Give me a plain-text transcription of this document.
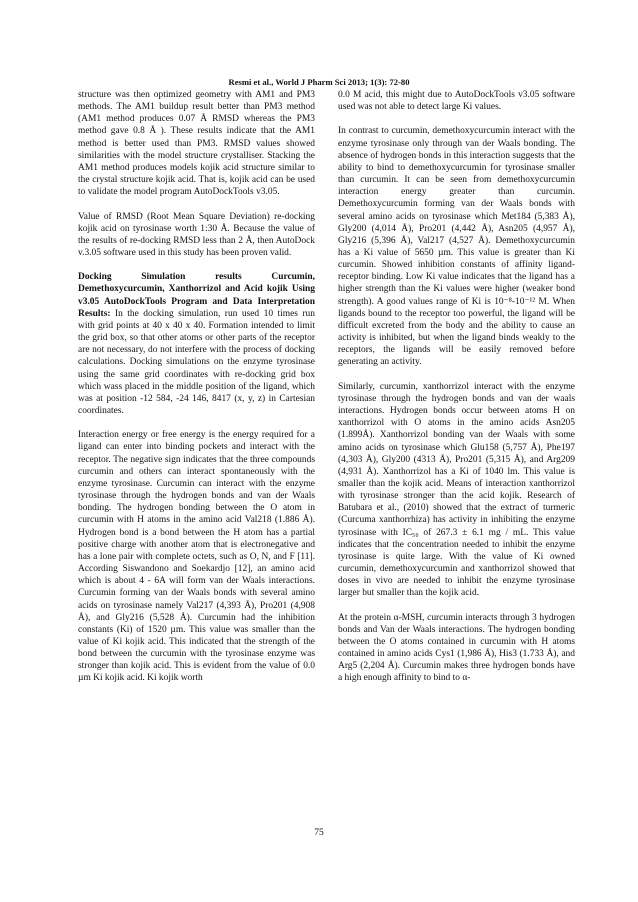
Resmi et al., World J Pharm Sci 2013; 1(3): 72-80

structure was then optimized geometry with AM1 and PM3 methods. The AM1 buildup result better than PM3 method (AM1 method produces 0.07 Å RMSD whereas the PM3 method gave 0.8 Å ). These results indicate that the AM1 method is better used than PM3. RMSD values showed similarities with the model structure crystalliser. Stacking the AM1 method produces models kojik acid structure similar to the crystal structure kojik acid. That is, kojik acid can be used to validate the model program AutoDockTools v3.05.

Value of RMSD (Root Mean Square Deviation) re-docking kojik acid on tyrosinase worth 1:30 Å. Because the value of the results of re-docking RMSD less than 2 Å, then AutoDock v.3.05 software used in this study has been proven valid.

Docking Simulation results Curcumin, Demethoxycurcumin, Xanthorrizol and Acid kojik Using v3.05 AutoDockTools Program and Data Interpretation Results: In the docking simulation, run used 10 times run with grid points at 40 x 40 x 40. Formation intended to limit the grid box, so that other atoms or other parts of the receptor are not necessary, do not interfere with the process of docking calculations. Docking simulations on the enzyme tyrosinase using the same grid coordinates with re-docking grid box which wass placed in the middle position of the ligand, which was at position -12 584, -24 146, 8417 (x, y, z) in Cartesian coordinates.

Interaction energy or free energy is the energy required for a ligand can enter into binding pockets and interact with the receptor. The negative sign indicates that the three compounds curcumin and others can interact spontaneously with the enzyme tyrosinase. Curcumin can interact with the enzyme tyrosinase through the hydrogen bonds and van der Waals bonding. The hydrogen bonding between the O atom in curcumin with H atoms in the amino acid Val218 (1.886 Å). Hydrogen bond is a bond between the H atom has a partial positive charge with another atom that is electronegative and has a lone pair with complete octets, such as O, N, and F [11]. According Siswandono and Soekardjo [12], an amino acid which is about 4 - 6A will form van der Waals interactions. Curcumin forming van der Waals bonds with several amino acids on tyrosinase namely Val217 (4,393 Å), Pro201 (4,908 Å), and Gly216 (5,528 Å). Curcumin had the inhibition constants (Ki) of 1520 µm. This value was smaller than the value of Ki kojik acid. This indicated that the strength of the bond between the curcumin with the tyrosinase enzyme was stronger than kojik acid. This is evident from the value of 0.0 µm Ki kojik acid. Ki kojik worth

0.0 M acid, this might due to AutoDockTools v3.05 software used was not able to detect large Ki values.

In contrast to curcumin, demethoxycurcumin interact with the enzyme tyrosinase only through van der Waals bonding. The absence of hydrogen bonds in this interaction suggests that the ability to bind to demethoxycurcumin for tyrosinase smaller than curcumin. It can be seen from demethoxycurcumin interaction energy greater than curcumin. Demethoxycurcumin forming van der Waals bonds with several amino acids on tyrosinase which Met184 (5,383 Å), Gly200 (4,014 Å), Pro201 (4,442 Å), Asn205 (4,957 Å), Gly216 (5,396 Å), Val217 (4,527 Å). Demethoxycurcumin has a Ki value of 5650 µm. This value is greater than Ki curcumin. Showed inhibition constants of affinity ligand-receptor binding. Low Ki value indicates that the ligand has a higher strength than the Ki values were higher (weaker bond strength). A good values range of Ki is 10⁻⁸-10⁻¹² M. When ligands bound to the receptor too powerful, the ligand will be difficult excreted from the body and the ability to cause an activity is inhibited, but when the ligand binds weakly to the receptors, the ligands will be easily removed before generating an activity.

Similarly, curcumin, xanthorrizol interact with the enzyme tyrosinase through the hydrogen bonds and van der waals interactions. Hydrogen bonds occur between atoms H on xanthorrizol with O atoms in the amino acids Asn205 (1.899Å). Xanthorrizol bonding van der Waals with some amino acids on tyrosinase which Glu158 (5,757 Å), Phe197 (4,303 Å), Gly200 (4313 Å), Pro201 (5,315 Å), and Arg209 (4,931 Å). Xanthorrizol has a Ki of 1040 lm. This value is smaller than the kojik acid. Means of interaction xanthorrizol with tyrosinase stronger than the acid kojik. Research of Batubara et al., (2010) showed that the extract of turmeric (Curcuma xanthorrhiza) has activity in inhibiting the enzyme tyrosinase with IC₅₀ of 267.3 ± 6.1 mg / mL. This value indicates that the concentration needed to inhibit the enzyme tyrosinase is quite large. With the value of Ki owned curcumin, demethoxycurcumin and xanthorrizol showed that doses in vivo are needed to inhibit the enzyme tyrosinase larger but smaller than the kojik acid.

At the protein α-MSH, curcumin interacts through 3 hydrogen bonds and Van der Waals interactions. The hydrogen bonding between the O atoms contained in curcumin with H atoms contained in amino acids Cys1 (1,986 Å), His3 (1.733 Å), and Arg5 (2,204 Å). Curcumin makes three hydrogen bonds have a high enough affinity to bind to α-

75
